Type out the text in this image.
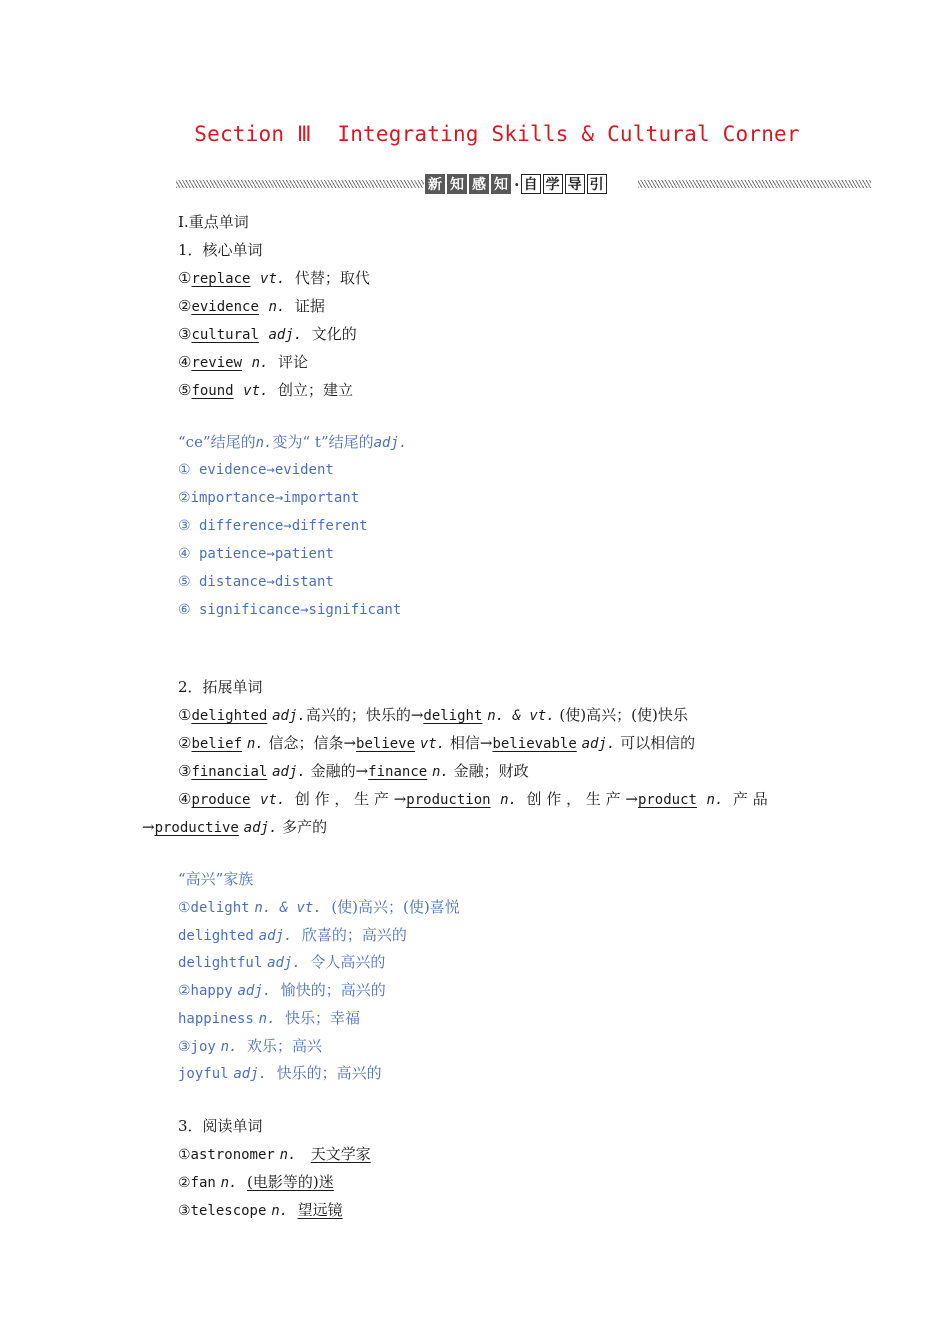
Section Ⅲ  Integrating Skills & Cultural Corner
新 知 感 知 · 自 学 导 引
Ⅰ.重点单词
1．核心单词
①replace vt. 代替；取代
②evidence n. 证据
③cultural adj. 文化的
④review n. 评论
⑤found vt. 创立；建立
“ce”结尾的n.变为“ t”结尾的adj.
① evidence→evident
②importance→important
③ difference→different
④ patience→patient
⑤ distance→distant
⑥ significance→significant
2．拓展单词
①delighted adj.高兴的；快乐的→delight n. & vt. (使)高兴；(使)快乐
②belief n. 信念；信条→believe vt. 相信→believable adj. 可以相信的
③financial adj. 金融的→finance n. 金融；财政
④produce vt. 创 作 ， 生 产 →production n. 创 作 ， 生 产 →product n. 产 品
→productive adj. 多产的
“高兴”家族
①delight n. & vt. (使)高兴；(使)喜悦
delighted adj. 欣喜的；高兴的
delightful adj. 令人高兴的
②happy adj. 愉快的；高兴的
happiness n. 快乐；幸福
③joy n. 欢乐；高兴
joyful adj. 快乐的；高兴的
3．阅读单词
①astronomer n. 天文学家
②fan n. (电影等的)迷
③telescope n. 望远镜
